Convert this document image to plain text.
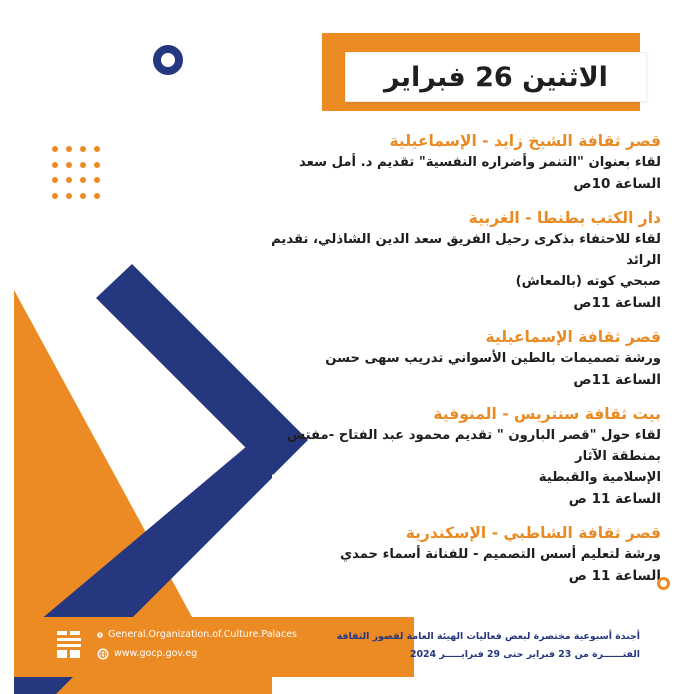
الاثنين 26 فبراير
قصر ثقافة الشيخ زايد - الإسماعيلية
لقاء بعنوان "التنمر وأضراره النفسية" تقديم د. أمل سعد
الساعة 10ص
دار الكتب بطنطا - الغربية
لقاء للاحتفاء بذكرى رحيل الفريق سعد الدين الشاذلي، تقديم الرائد
صبحي كوته (بالمعاش)
الساعة 11ص
قصر ثقافة الإسماعيلية
ورشة تصميمات بالطين الأسواني تدريب سهى حسن
الساعة 11ص
بيت ثقافة سنتريس - المنوفية
لقاء حول "قصر البارون " تقديم محمود عبد الفتاح -مفتش بمنطقة الآثار
الإسلامية والقبطية
الساعة 11 ص
قصر ثقافة الشاطبي - الإسكندرية
ورشة لتعليم أسس التصميم - للفنانة أسماء حمدي
الساعة 11 ص
General.Organization.of.Culture.Palaces
www.gocp.gov.eg
أجندة أسبوعية مختصرة لبعض فعاليات الهيئة العامة لقصور الثقافة
الفتــــــرة من 23 فبراير حتى 29 فبرايـــــر 2024
